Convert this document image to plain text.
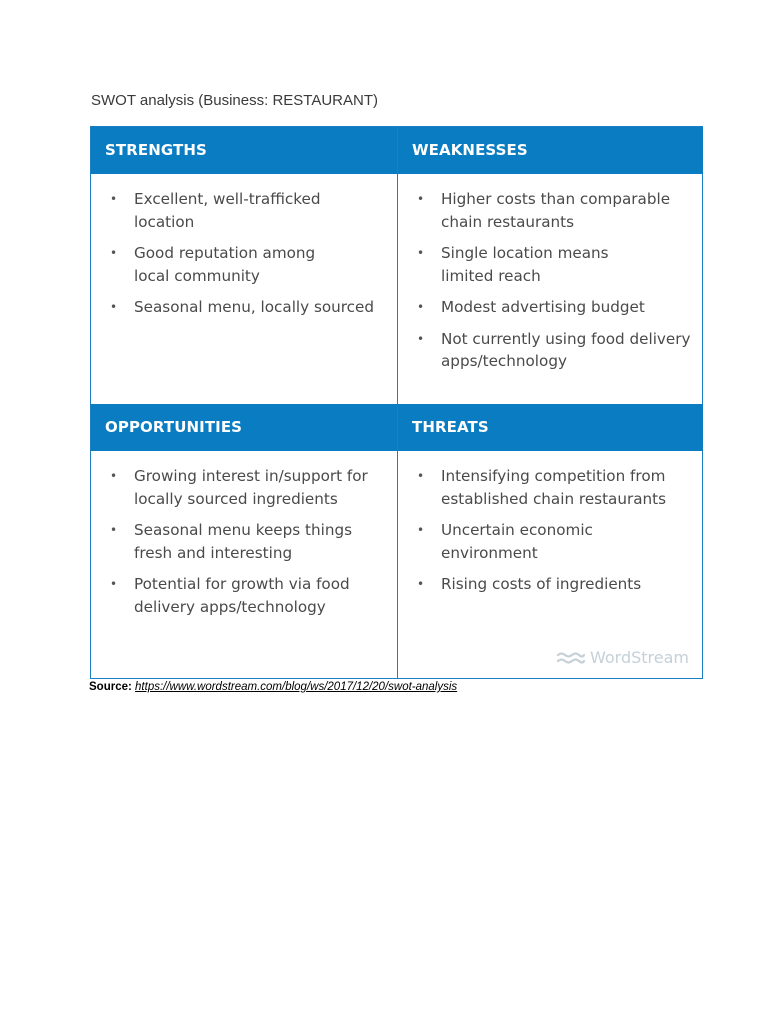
SWOT analysis (Business: RESTAURANT)
STRENGTHS
• Excellent, well-trafficked
location
• Good reputation among
local community
• Seasonal menu, locally sourced
WEAKNESSES
• Higher costs than comparable
chain restaurants
• Single location means
limited reach
• Modest advertising budget
• Not currently using food delivery
apps/technology
OPPORTUNITIES
• Growing interest in/support for
locally sourced ingredients
• Seasonal menu keeps things
fresh and interesting
• Potential for growth via food
delivery apps/technology
THREATS
• Intensifying competition from
established chain restaurants
• Uncertain economic
environment
• Rising costs of ingredients
WordStream
Source: https://www.wordstream.com/blog/ws/2017/12/20/swot-analysis
